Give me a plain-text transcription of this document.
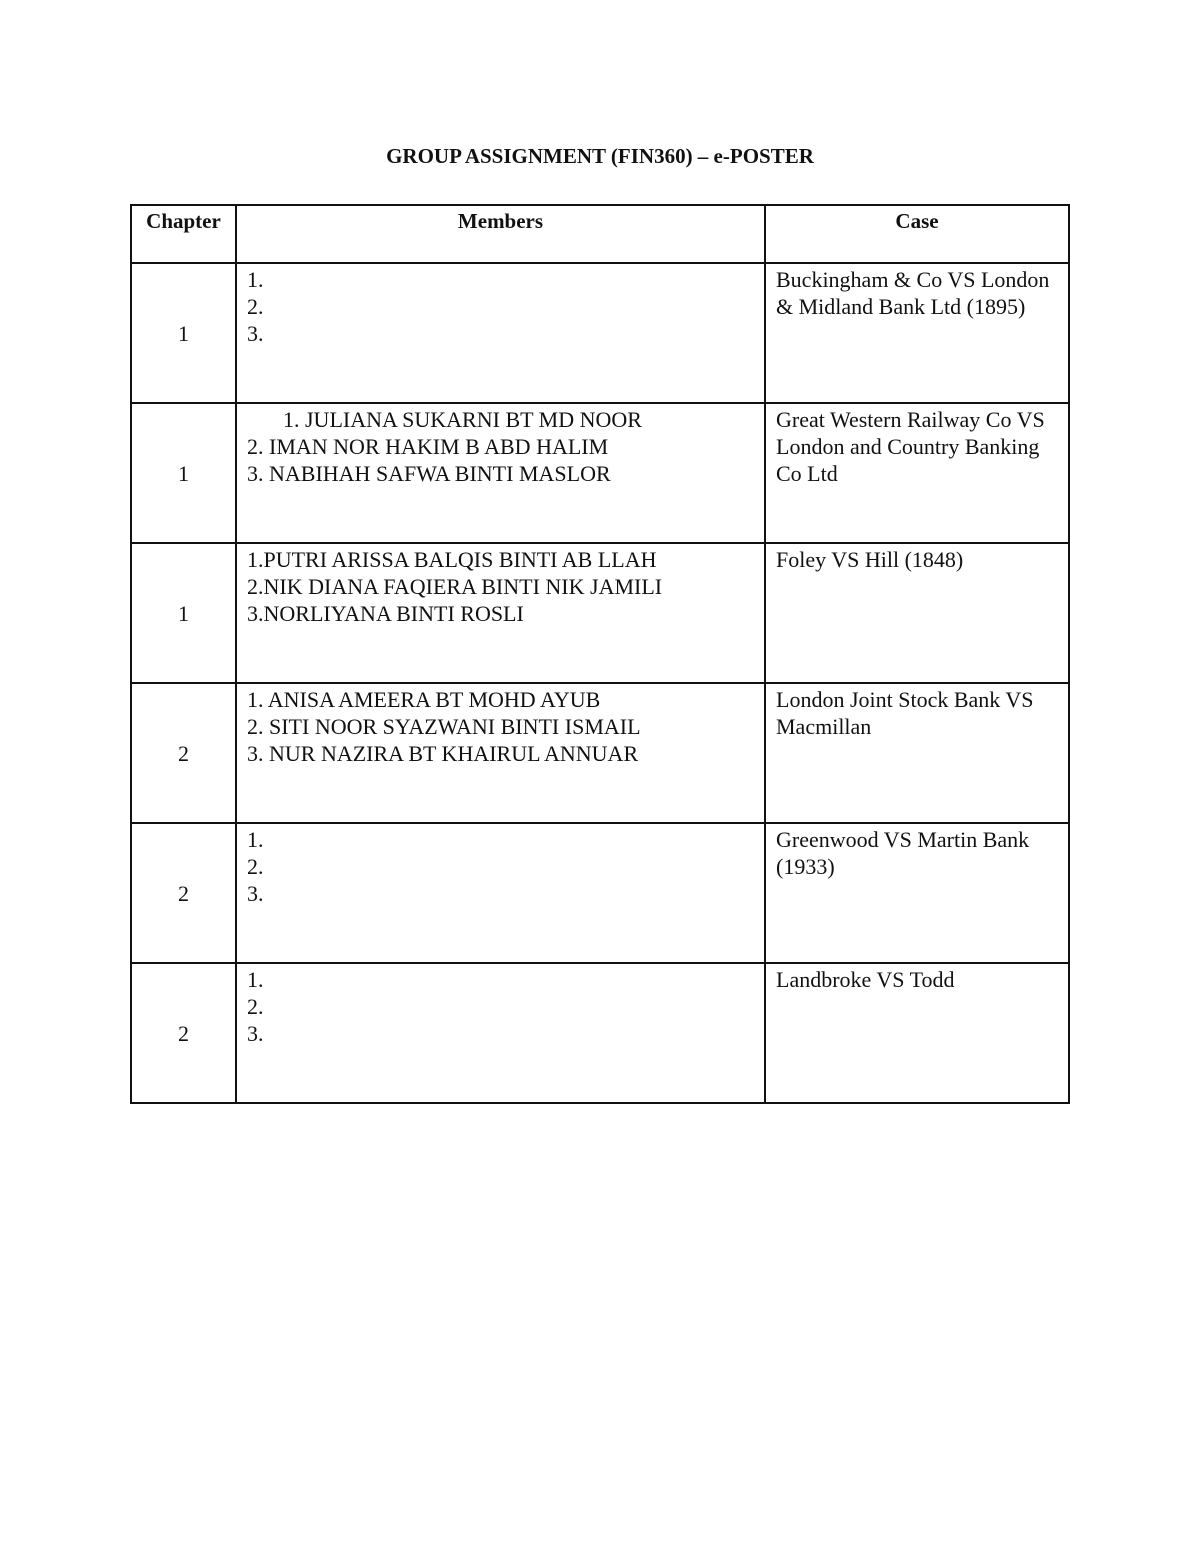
GROUP ASSIGNMENT (FIN360) – e-POSTER
Chapter	Members	Case
1	1.
2.
3.	Buckingham & Co VS London & Midland Bank Ltd (1895)
1	1. JULIANA SUKARNI BT MD NOOR
2. IMAN NOR HAKIM B ABD HALIM
3. NABIHAH SAFWA BINTI MASLOR	Great Western Railway Co VS London and Country Banking Co Ltd
1	1.PUTRI ARISSA BALQIS BINTI AB LLAH
2.NIK DIANA FAQIERA BINTI NIK JAMILI
3.NORLIYANA BINTI ROSLI	Foley VS Hill (1848)
2	1. ANISA AMEERA BT MOHD AYUB
2. SITI NOOR SYAZWANI BINTI ISMAIL
3. NUR NAZIRA BT KHAIRUL ANNUAR	London Joint Stock Bank VS Macmillan
2	1.
2.
3.	Greenwood VS Martin Bank (1933)
2	1.
2.
3.	Landbroke VS Todd
